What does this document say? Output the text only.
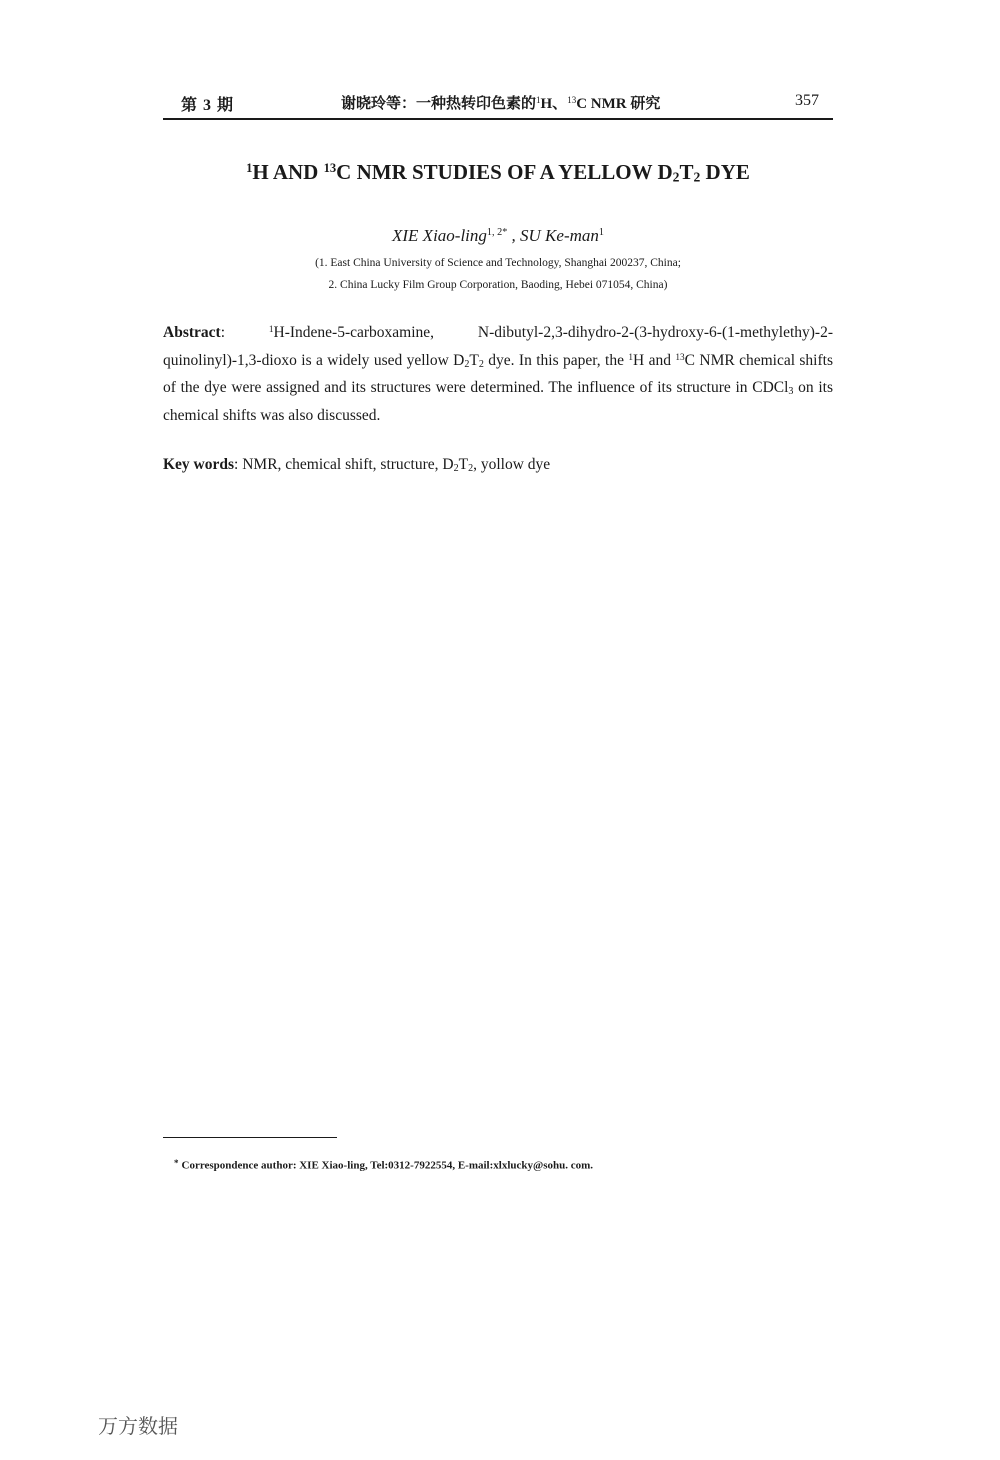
第 3 期	谢晓玲等：一种热转印色素的$^1$H、$^{13}$C NMR 研究	357
$^1$H AND $^{13}$C NMR STUDIES OF A YELLOW $D_2T_2$ DYE
XIE Xiao-ling$^{1, 2*}$ , SU Ke-man$^1$
(1. East China University of Science and Technology, Shanghai 200237, China;
2. China Lucky Film Group Corporation, Baoding, Hebei 071054, China)
Abstract: $^1$H-Indene-5-carboxamine, N-dibutyl-2,3-dihydro-2-(3-hydroxy-6-(1-methylethy)-2-quinolinyl)-1,3-dioxo is a widely used yellow $D_2T_2$ dye. In this paper, the $^1$H and $^{13}$C NMR chemical shifts of the dye were assigned and its structures were determined. The influence of its structure in CDCl$_3$ on its chemical shifts was also discussed.
Key words: NMR, chemical shift, structure, $D_2T_2$, yollow dye
* Correspondence author: XIE Xiao-ling, Tel:0312-7922554, E-mail:xlxlucky@sohu. com.
万方数据
